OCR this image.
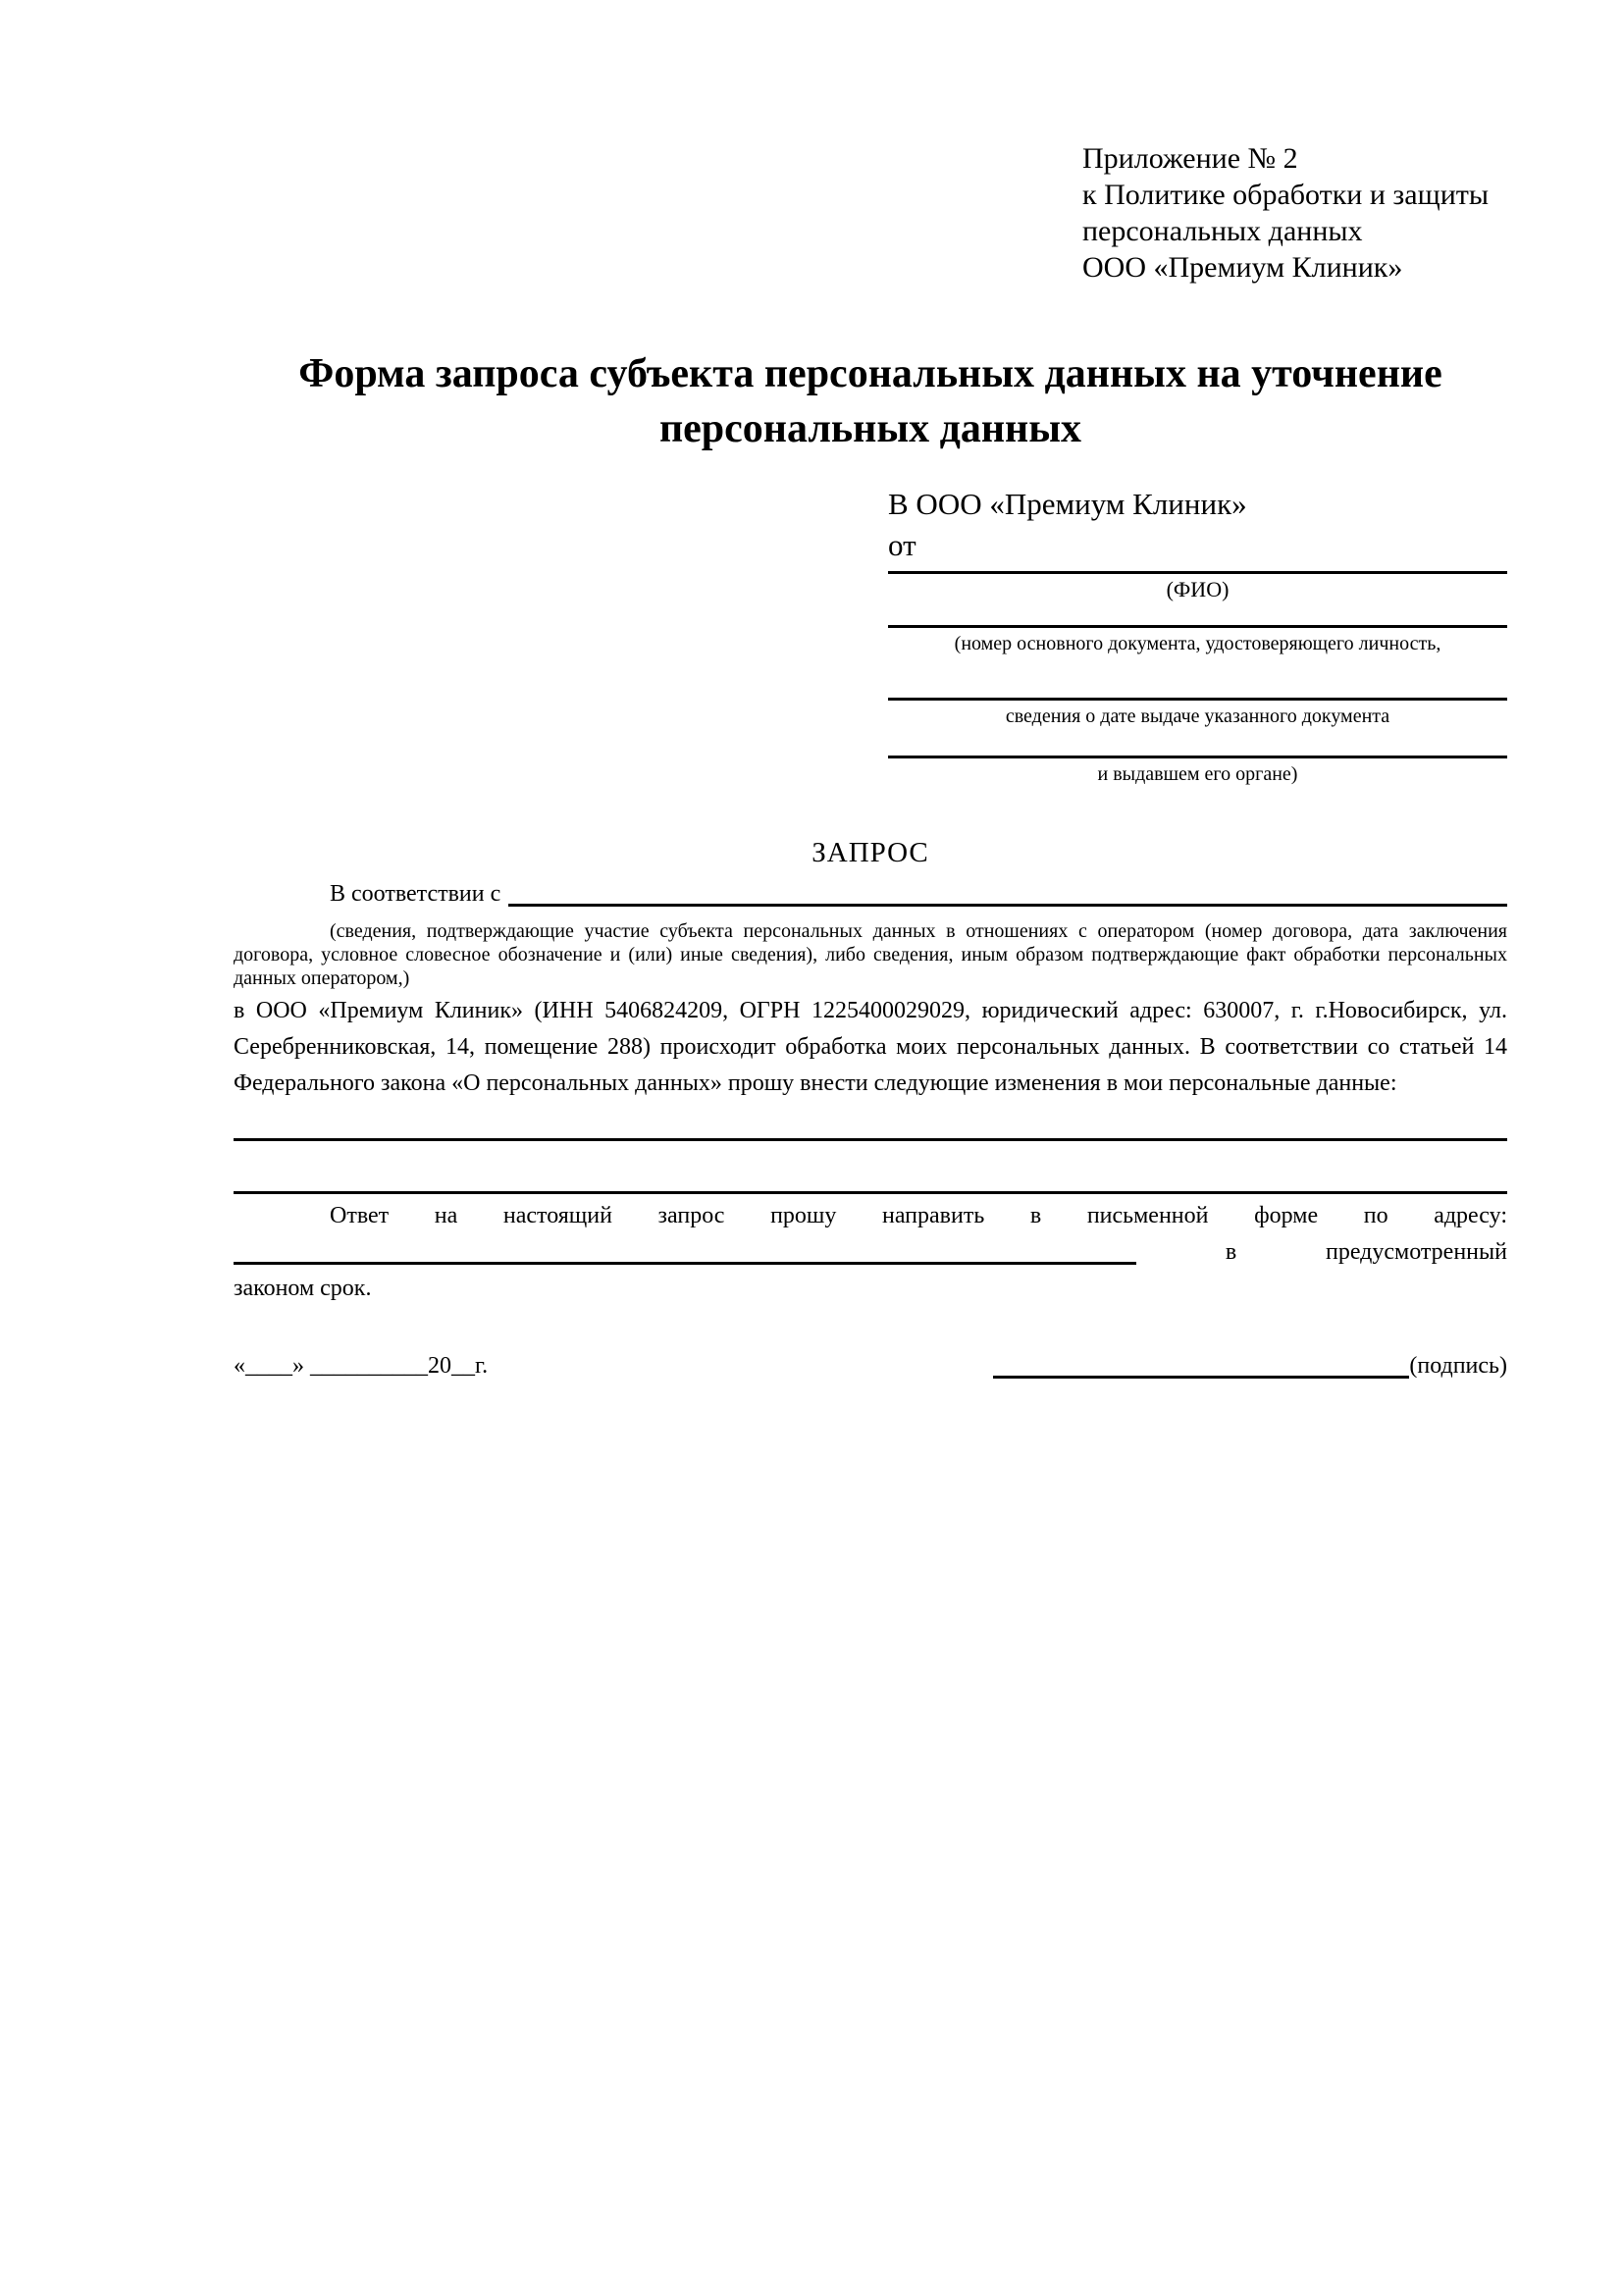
Приложение № 2
к Политике обработки и защиты
персональных данных
ООО «Премиум Клиник»
Форма запроса субъекта персональных данных на уточнение персональных данных
В ООО «Премиум Клиник»
от
(ФИО)
(номер основного документа, удостоверяющего личность,
сведения о дате выдаче указанного документа
и выдавшем его органе)
ЗАПРОС
В соответствии с
(сведения, подтверждающие участие субъекта персональных данных в отношениях с оператором (номер договора, дата заключения договора, условное словесное обозначение и (или) иные сведения), либо сведения, иным образом подтверждающие факт обработки персональных данных оператором,)
в ООО «Премиум Клиник» (ИНН 5406824209, ОГРН 1225400029029, юридический адрес: 630007, г. г.Новосибирск, ул. Серебренниковская, 14, помещение 288) происходит обработка моих персональных данных. В соответствии со статьей 14 Федерального закона «О персональных данных» прошу внести следующие изменения в мои персональные данные:
Ответ на настоящий запрос прошу направить в письменной форме по адресу:
в	предусмотренный
законом срок.
«____» __________20__г.	(подпись)
